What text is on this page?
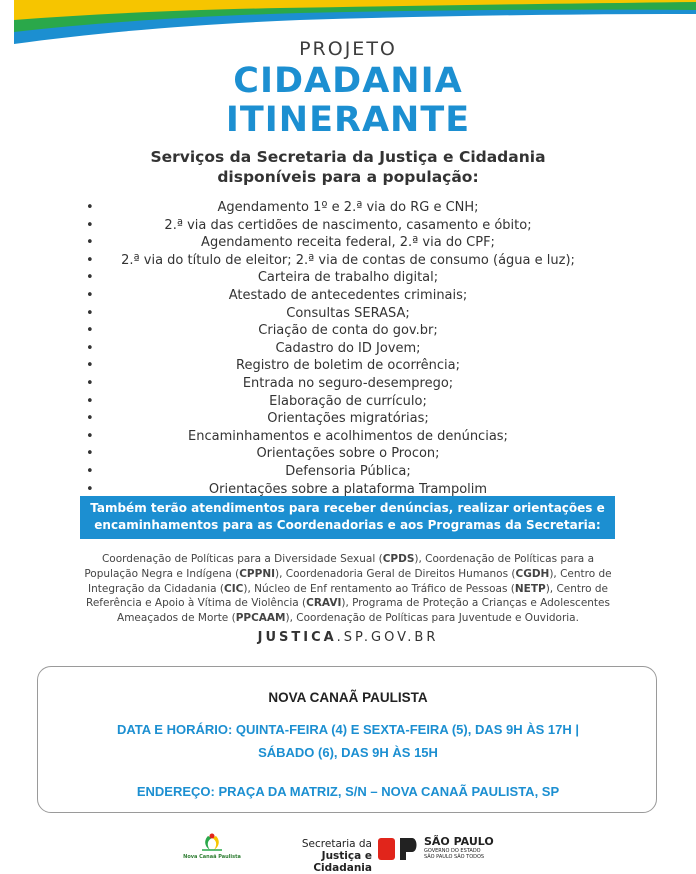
PROJETO
CIDADANIA
ITINERANTE
Serviços da Secretaria da Justiça e Cidadania
disponíveis para a população:
•	Agendamento 1º e 2.ª via do RG e CNH;
•	2.ª via das certidões de nascimento, casamento e óbito;
•	Agendamento receita federal, 2.ª via do CPF;
• 2.ª via do título de eleitor; 2.ª via de contas de consumo (água e luz);
•	Carteira de trabalho digital;
•	Atestado de antecedentes criminais;
•	Consultas SERASA;
•	Criação de conta do gov.br;
•	Cadastro do ID Jovem;
•	Registro de boletim de ocorrência;
•	Entrada no seguro-desemprego;
•	Elaboração de currículo;
•	Orientações migratórias;
•	Encaminhamentos e acolhimentos de denúncias;
•	Orientações sobre o Procon;
•	Defensoria Pública;
•	Orientações sobre a plataforma Trampolim
Também terão atendimentos para receber denúncias, realizar orientações e
encaminhamentos para as Coordenadorias e aos Programas da Secretaria:
Coordenação de Políticas para a Diversidade Sexual (CPDS), Coordenação de Políticas para a
População Negra e Indígena (CPPNI), Coordenadoria Geral de Direitos Humanos (CGDH), Centro de
Integração da Cidadania (CIC), Núcleo de Enf rentamento ao Tráfico de Pessoas (NETP), Centro de
Referência e Apoio à Vítima de Violência (CRAVI), Programa de Proteção a Crianças e Adolescentes
Ameaçados de Morte (PPCAAM), Coordenação de Políticas para Juventude e Ouvidoria.
JUSTICA.SP.GOV.BR
NOVA CANAÃ PAULISTA
DATA E HORÁRIO: QUINTA-FEIRA (4) E SEXTA-FEIRA (5), DAS 9H ÀS 17H |
SÁBADO (6), DAS 9H ÀS 15H
ENDEREÇO: PRAÇA DA MATRIZ, S/N – NOVA CANAÃ PAULISTA, SP
Nova Canaã Paulista
Secretaria da
Justiça e Cidadania
SÃO PAULO
GOVERNO DO ESTADO
SÃO PAULO SÃO TODOS
